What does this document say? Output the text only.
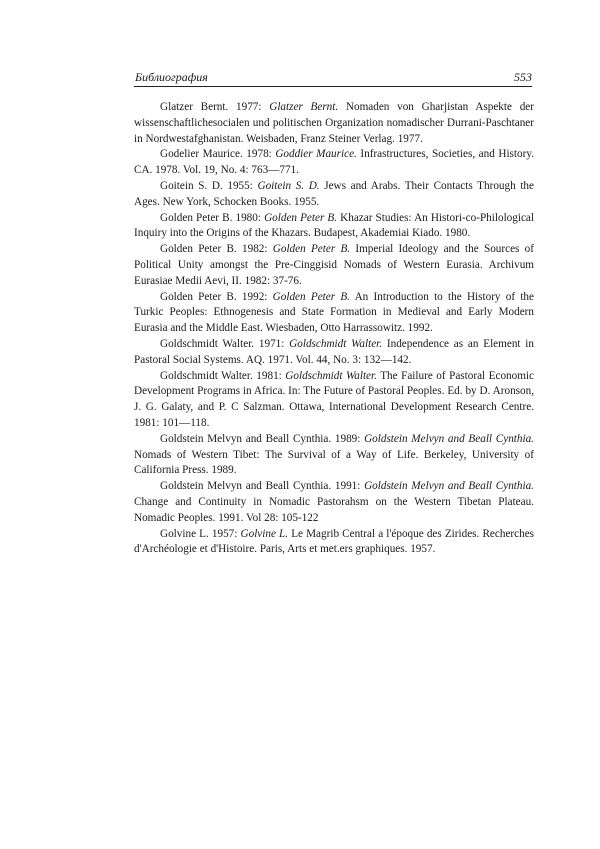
Библиография	553

Glatzer Bernt. 1977: Glatzer Bernt. Nomaden von Gharjistan Aspekte der wissenschaftlichesocialen und politischen Organization nomadischer Durrani-Paschtaner in Nordwestafghanistan. Weisbaden, Franz Steiner Verlag. 1977.

Godelier Maurice. 1978: Goddier Maurice. Infrastructures, Societies, and History. CA. 1978. Vol. 19, No. 4: 763—771.

Goitein S. D. 1955: Goitein S. D. Jews and Arabs. Their Contacts Through the Ages. New York, Schocken Books. 1955.

Golden Peter B. 1980: Golden Peter B. Khazar Studies: An Histori-co-Philological Inquiry into the Origins of the Khazars. Budapest, Akademiai Kiado. 1980.

Golden Peter B. 1982: Golden Peter B. Imperial Ideology and the Sources of Political Unity amongst the Pre-Cinggisid Nomads of Western Eurasia. Archivum Eurasiae Medii Aevi, II. 1982: 37-76.

Golden Peter B. 1992: Golden Peter B. An Introduction to the History of the Turkic Peoples: Ethnogenesis and State Formation in Medieval and Early Modern Eurasia and the Middle East. Wiesbaden, Otto Harrassowitz. 1992.

Goldschmidt Walter. 1971: Goldschmidt Walter. Independence as an Element in Pastoral Social Systems. AQ. 1971. Vol. 44, No. 3: 132—142.

Goldschmidt Walter. 1981: Goldschmidt Walter. The Failure of Pastoral Economic Development Programs in Africa. In: The Future of Pastoral Peoples. Ed. by D. Aronson, J. G. Galaty, and P. C Salzman. Ottawa, International Development Research Centre. 1981: 101—118.

Goldstein Melvyn and Beall Cynthia. 1989: Goldstein Melvyn and Beall Cynthia. Nomads of Western Tibet: The Survival of a Way of Life. Berkeley, University of California Press. 1989.

Goldstein Melvyn and Beall Cynthia. 1991: Goldstein Melvyn and Beall Cynthia. Change and Continuity in Nomadic Pastorahsm on the Western Tibetan Plateau. Nomadic Peoples. 1991. Vol 28: 105-122

Golvine L. 1957: Golvine L. Le Magrib Central a l'époque des Zirides. Recherches d'Archéologie et d'Histoire. Paris, Arts et met.ers graphiques. 1957.
